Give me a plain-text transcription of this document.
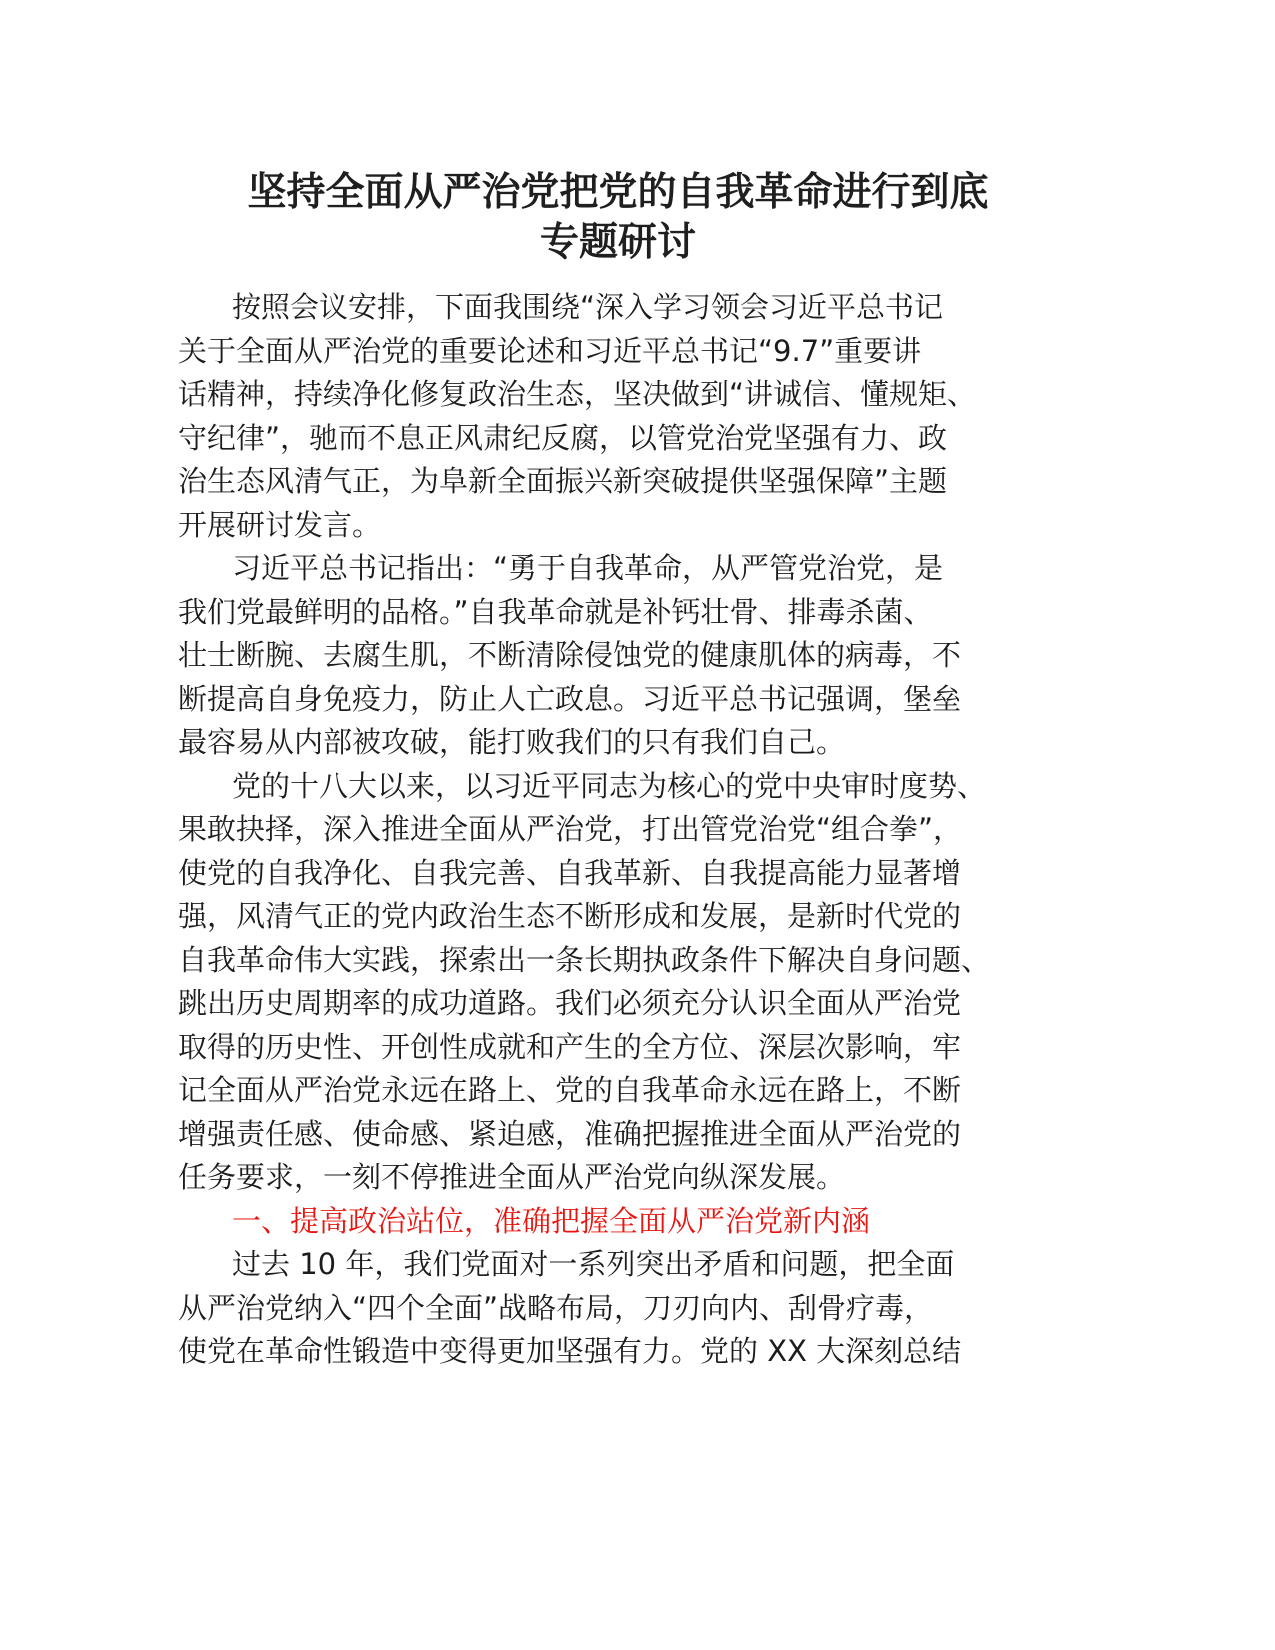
坚持全面从严治党把党的自我革命进行到底
专题研讨

按照会议安排，下面我围绕“深入学习领会习近平总书记
关于全面从严治党的重要论述和习近平总书记“9.7”重要讲
话精神，持续净化修复政治生态，坚决做到“讲诚信、懂规矩、
守纪律”，驰而不息正风肃纪反腐，以管党治党坚强有力、政
治生态风清气正，为阜新全面振兴新突破提供坚强保障”主题
开展研讨发言。

习近平总书记指出：“勇于自我革命，从严管党治党，是
我们党最鲜明的品格。”自我革命就是补钙壮骨、排毒杀菌、
壮士断腕、去腐生肌，不断清除侵蚀党的健康肌体的病毒，不
断提高自身免疫力，防止人亡政息。习近平总书记强调，堡垒
最容易从内部被攻破，能打败我们的只有我们自己。

党的十八大以来，以习近平同志为核心的党中央审时度势、
果敢抉择，深入推进全面从严治党，打出管党治党“组合拳”，
使党的自我净化、自我完善、自我革新、自我提高能力显著增
强，风清气正的党内政治生态不断形成和发展，是新时代党的
自我革命伟大实践，探索出一条长期执政条件下解决自身问题、
跳出历史周期率的成功道路。我们必须充分认识全面从严治党
取得的历史性、开创性成就和产生的全方位、深层次影响，牢
记全面从严治党永远在路上、党的自我革命永远在路上，不断
增强责任感、使命感、紧迫感，准确把握推进全面从严治党的
任务要求，一刻不停推进全面从严治党向纵深发展。

一、提高政治站位，准确把握全面从严治党新内涵

过去 10 年，我们党面对一系列突出矛盾和问题，把全面
从严治党纳入“四个全面”战略布局，刀刃向内、刮骨疗毒，
使党在革命性锻造中变得更加坚强有力。党的 XX 大深刻总结
